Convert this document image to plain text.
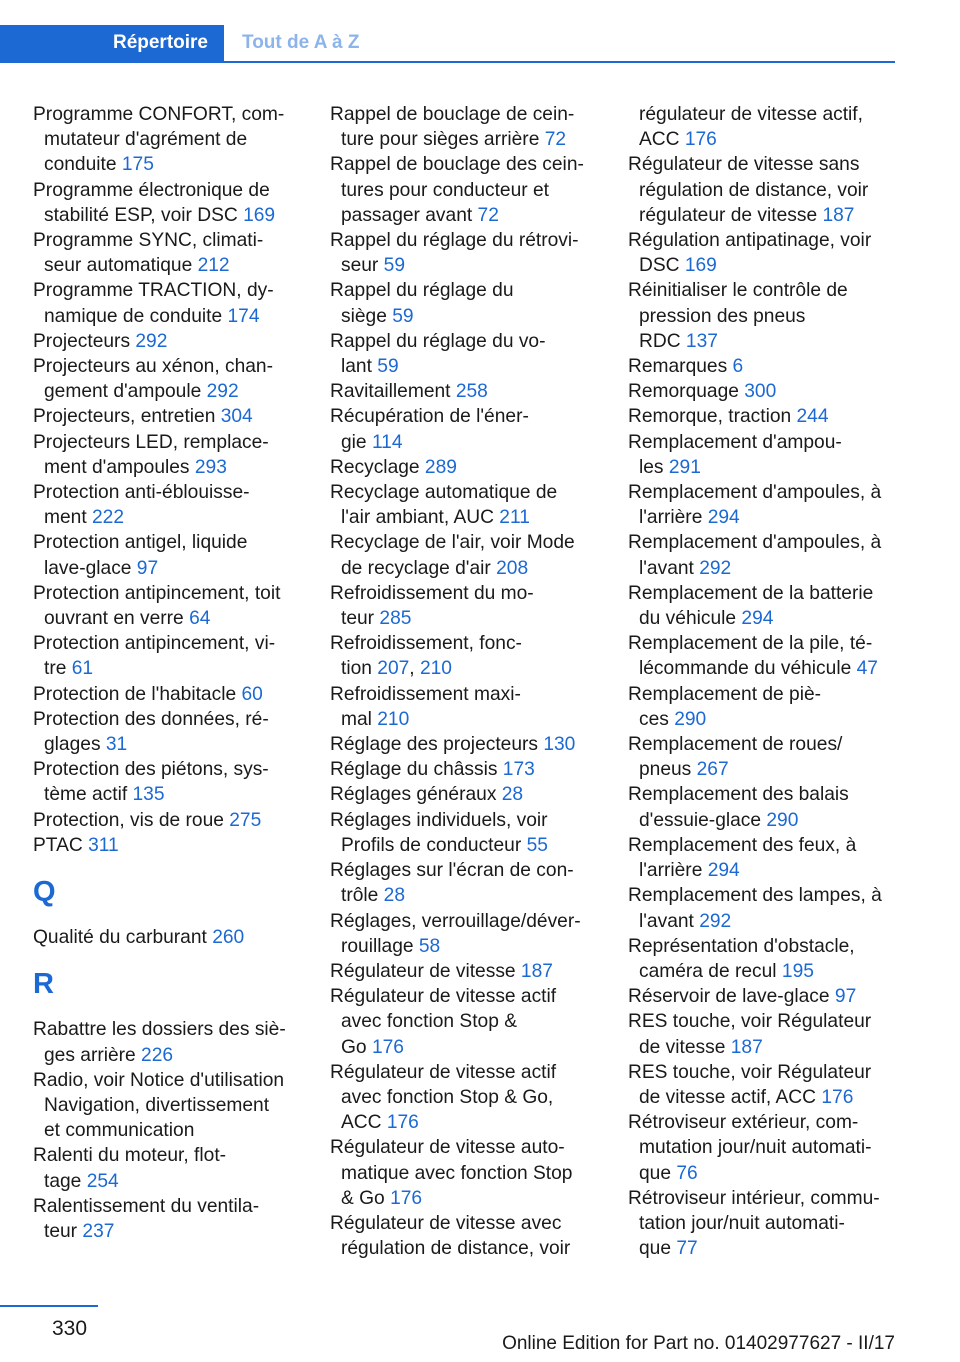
Répertoire	Tout de A à Z
Programme CONFORT, com-
mutateur d'agrément de
conduite 175
Programme électronique de
stabilité ESP, voir DSC 169
Programme SYNC, climati-
seur automatique 212
Programme TRACTION, dy-
namique de conduite 174
Projecteurs 292
Projecteurs au xénon, chan-
gement d'ampoule 292
Projecteurs, entretien 304
Projecteurs LED, remplace-
ment d'ampoules 293
Protection anti-éblouisse-
ment 222
Protection antigel, liquide
lave-glace 97
Protection antipincement, toit
ouvrant en verre 64
Protection antipincement, vi-
tre 61
Protection de l'habitacle 60
Protection des données, ré-
glages 31
Protection des piétons, sys-
tème actif 135
Protection, vis de roue 275
PTAC 311
Q
Qualité du carburant 260
R
Rabattre les dossiers des siè-
ges arrière 226
Radio, voir Notice d'utilisation
Navigation, divertissement
et communication
Ralenti du moteur, flot-
tage 254
Ralentissement du ventila-
teur 237
Rappel de bouclage de cein-
ture pour sièges arrière 72
Rappel de bouclage des cein-
tures pour conducteur et
passager avant 72
Rappel du réglage du rétrovi-
seur 59
Rappel du réglage du
siège 59
Rappel du réglage du vo-
lant 59
Ravitaillement 258
Récupération de l'éner-
gie 114
Recyclage 289
Recyclage automatique de
l'air ambiant, AUC 211
Recyclage de l'air, voir Mode
de recyclage d'air 208
Refroidissement du mo-
teur 285
Refroidissement, fonc-
tion 207, 210
Refroidissement maxi-
mal 210
Réglage des projecteurs 130
Réglage du châssis 173
Réglages généraux 28
Réglages individuels, voir
Profils de conducteur 55
Réglages sur l'écran de con-
trôle 28
Réglages, verrouillage/déver-
rouillage 58
Régulateur de vitesse 187
Régulateur de vitesse actif
avec fonction Stop &
Go 176
Régulateur de vitesse actif
avec fonction Stop & Go,
ACC 176
Régulateur de vitesse auto-
matique avec fonction Stop
& Go 176
Régulateur de vitesse avec
régulation de distance, voir
régulateur de vitesse actif,
ACC 176
Régulateur de vitesse sans
régulation de distance, voir
régulateur de vitesse 187
Régulation antipatinage, voir
DSC 169
Réinitialiser le contrôle de
pression des pneus
RDC 137
Remarques 6
Remorquage 300
Remorque, traction 244
Remplacement d'ampou-
les 291
Remplacement d'ampoules, à
l'arrière 294
Remplacement d'ampoules, à
l'avant 292
Remplacement de la batterie
du véhicule 294
Remplacement de la pile, té-
lécommande du véhicule 47
Remplacement de piè-
ces 290
Remplacement de roues/
pneus 267
Remplacement des balais
d'essuie-glace 290
Remplacement des feux, à
l'arrière 294
Remplacement des lampes, à
l'avant 292
Représentation d'obstacle,
caméra de recul 195
Réservoir de lave-glace 97
RES touche, voir Régulateur
de vitesse 187
RES touche, voir Régulateur
de vitesse actif, ACC 176
Rétroviseur extérieur, com-
mutation jour/nuit automati-
que 76
Rétroviseur intérieur, commu-
tation jour/nuit automati-
que 77
330
Online Edition for Part no. 01402977627 - II/17
